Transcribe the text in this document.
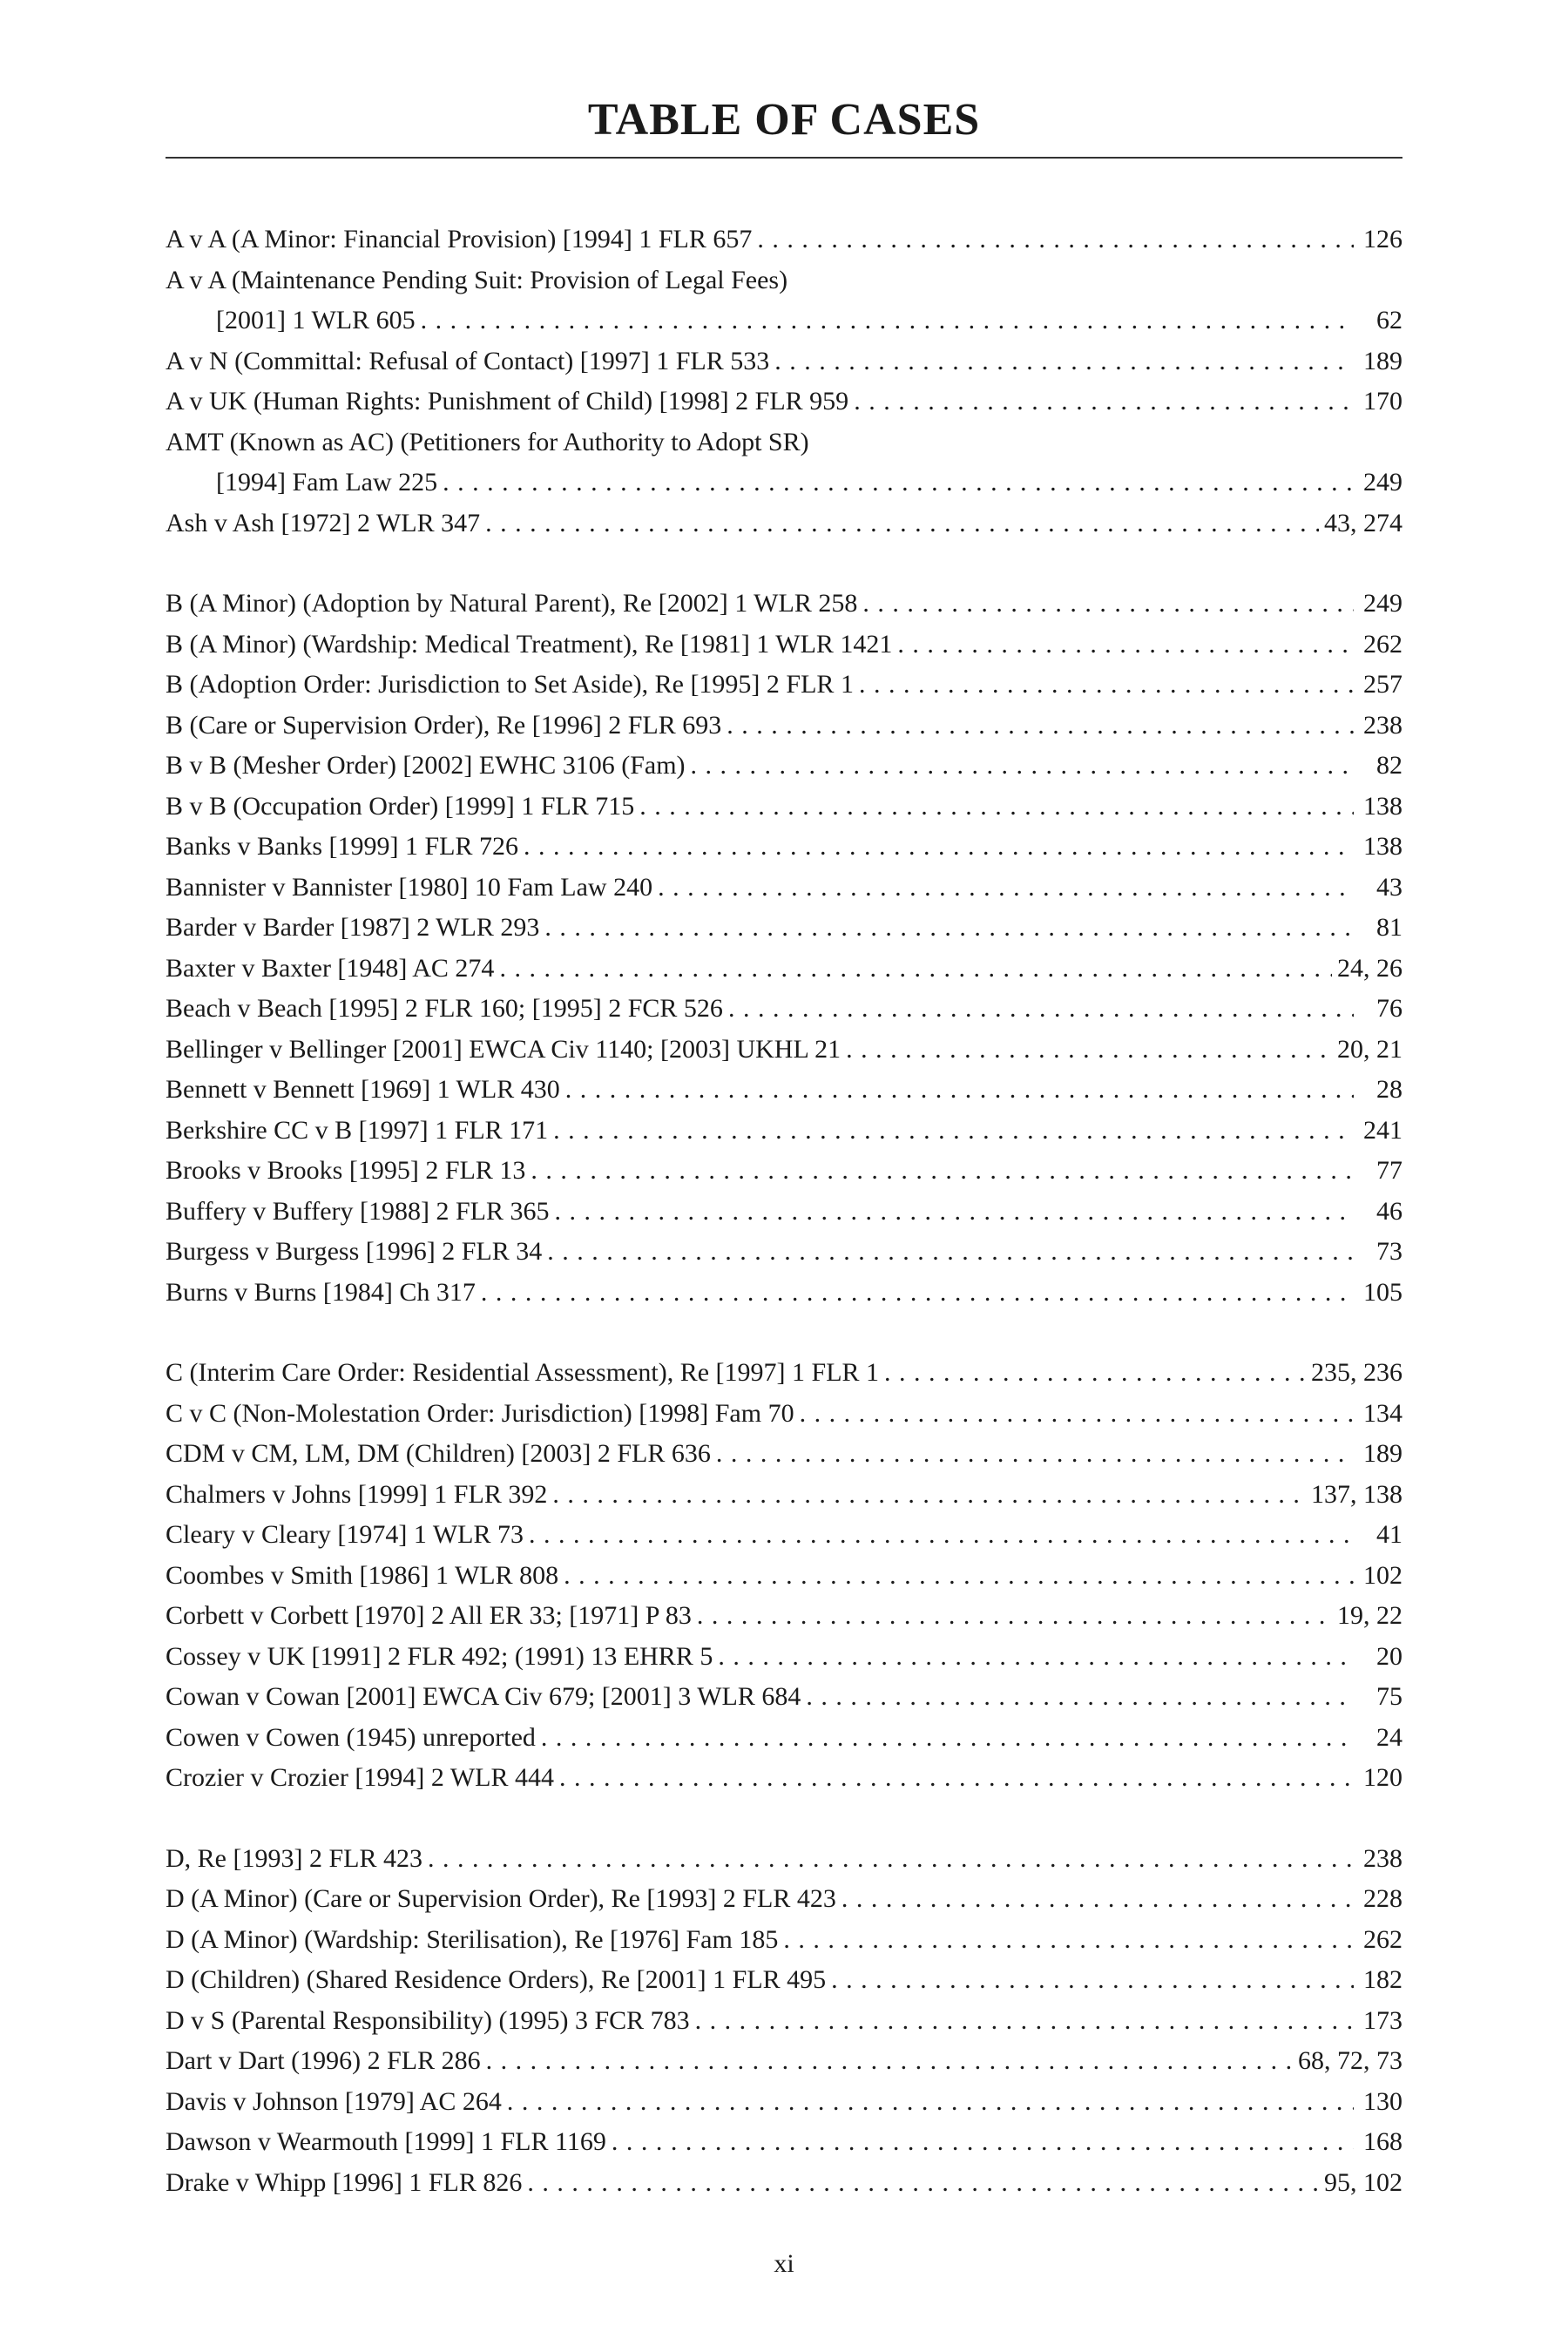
TABLE OF CASES
A v A (A Minor: Financial Provision) [1994] 1 FLR 657 . . .	126
A v A (Maintenance Pending Suit: Provision of Legal Fees)
[2001] 1 WLR 605 . . .	62
A v N (Committal: Refusal of Contact) [1997] 1 FLR 533 . . .	189
A v UK (Human Rights: Punishment of Child) [1998] 2 FLR 959 . . .	170
AMT (Known as AC) (Petitioners for Authority to Adopt SR)
[1994] Fam Law 225 . . .	249
Ash v Ash [1972] 2 WLR 347 . . .	43, 274
B (A Minor) (Adoption by Natural Parent), Re [2002] 1 WLR 258 . . .	249
B (A Minor) (Wardship: Medical Treatment), Re [1981] 1 WLR 1421 . . .	262
B (Adoption Order: Jurisdiction to Set Aside), Re [1995] 2 FLR 1 . . .	257
B (Care or Supervision Order), Re [1996] 2 FLR 693 . . .	238
B v B (Mesher Order) [2002] EWHC 3106 (Fam) . . .	82
B v B (Occupation Order) [1999] 1 FLR 715 . . .	138
Banks v Banks [1999] 1 FLR 726 . . .	138
Bannister v Bannister [1980] 10 Fam Law 240 . . .	43
Barder v Barder [1987] 2 WLR 293 . . .	81
Baxter v Baxter [1948] AC 274 . . .	24, 26
Beach v Beach [1995] 2 FLR 160; [1995] 2 FCR 526 . . .	76
Bellinger v Bellinger [2001] EWCA Civ 1140; [2003] UKHL 21 . . .	20, 21
Bennett v Bennett [1969] 1 WLR 430 . . .	28
Berkshire CC v B [1997] 1 FLR 171 . . .	241
Brooks v Brooks [1995] 2 FLR 13 . . .	77
Buffery v Buffery [1988] 2 FLR 365 . . .	46
Burgess v Burgess [1996] 2 FLR 34 . . .	73
Burns v Burns [1984] Ch 317 . . .	105
C (Interim Care Order: Residential Assessment), Re [1997] 1 FLR 1 . . .	235, 236
C v C (Non-Molestation Order: Jurisdiction) [1998] Fam 70 . . .	134
CDM v CM, LM, DM (Children) [2003] 2 FLR 636 . . .	189
Chalmers v Johns [1999] 1 FLR 392 . . .	137, 138
Cleary v Cleary [1974] 1 WLR 73 . . .	41
Coombes v Smith [1986] 1 WLR 808 . . .	102
Corbett v Corbett [1970] 2 All ER 33; [1971] P 83 . . .	19, 22
Cossey v UK [1991] 2 FLR 492; (1991) 13 EHRR 5 . . .	20
Cowan v Cowan [2001] EWCA Civ 679; [2001] 3 WLR 684 . . .	75
Cowen v Cowen (1945) unreported . . .	24
Crozier v Crozier [1994] 2 WLR 444 . . .	120
D, Re [1993] 2 FLR 423 . . .	238
D (A Minor) (Care or Supervision Order), Re [1993] 2 FLR 423 . . .	228
D (A Minor) (Wardship: Sterilisation), Re [1976] Fam 185 . . .	262
D (Children) (Shared Residence Orders), Re [2001] 1 FLR 495 . . .	182
D v S (Parental Responsibility) (1995) 3 FCR 783 . . .	173
Dart v Dart (1996) 2 FLR 286 . . .	68, 72, 73
Davis v Johnson [1979] AC 264 . . .	130
Dawson v Wearmouth [1999] 1 FLR 1169 . . .	168
Drake v Whipp [1996] 1 FLR 826 . . .	95, 102
xi
